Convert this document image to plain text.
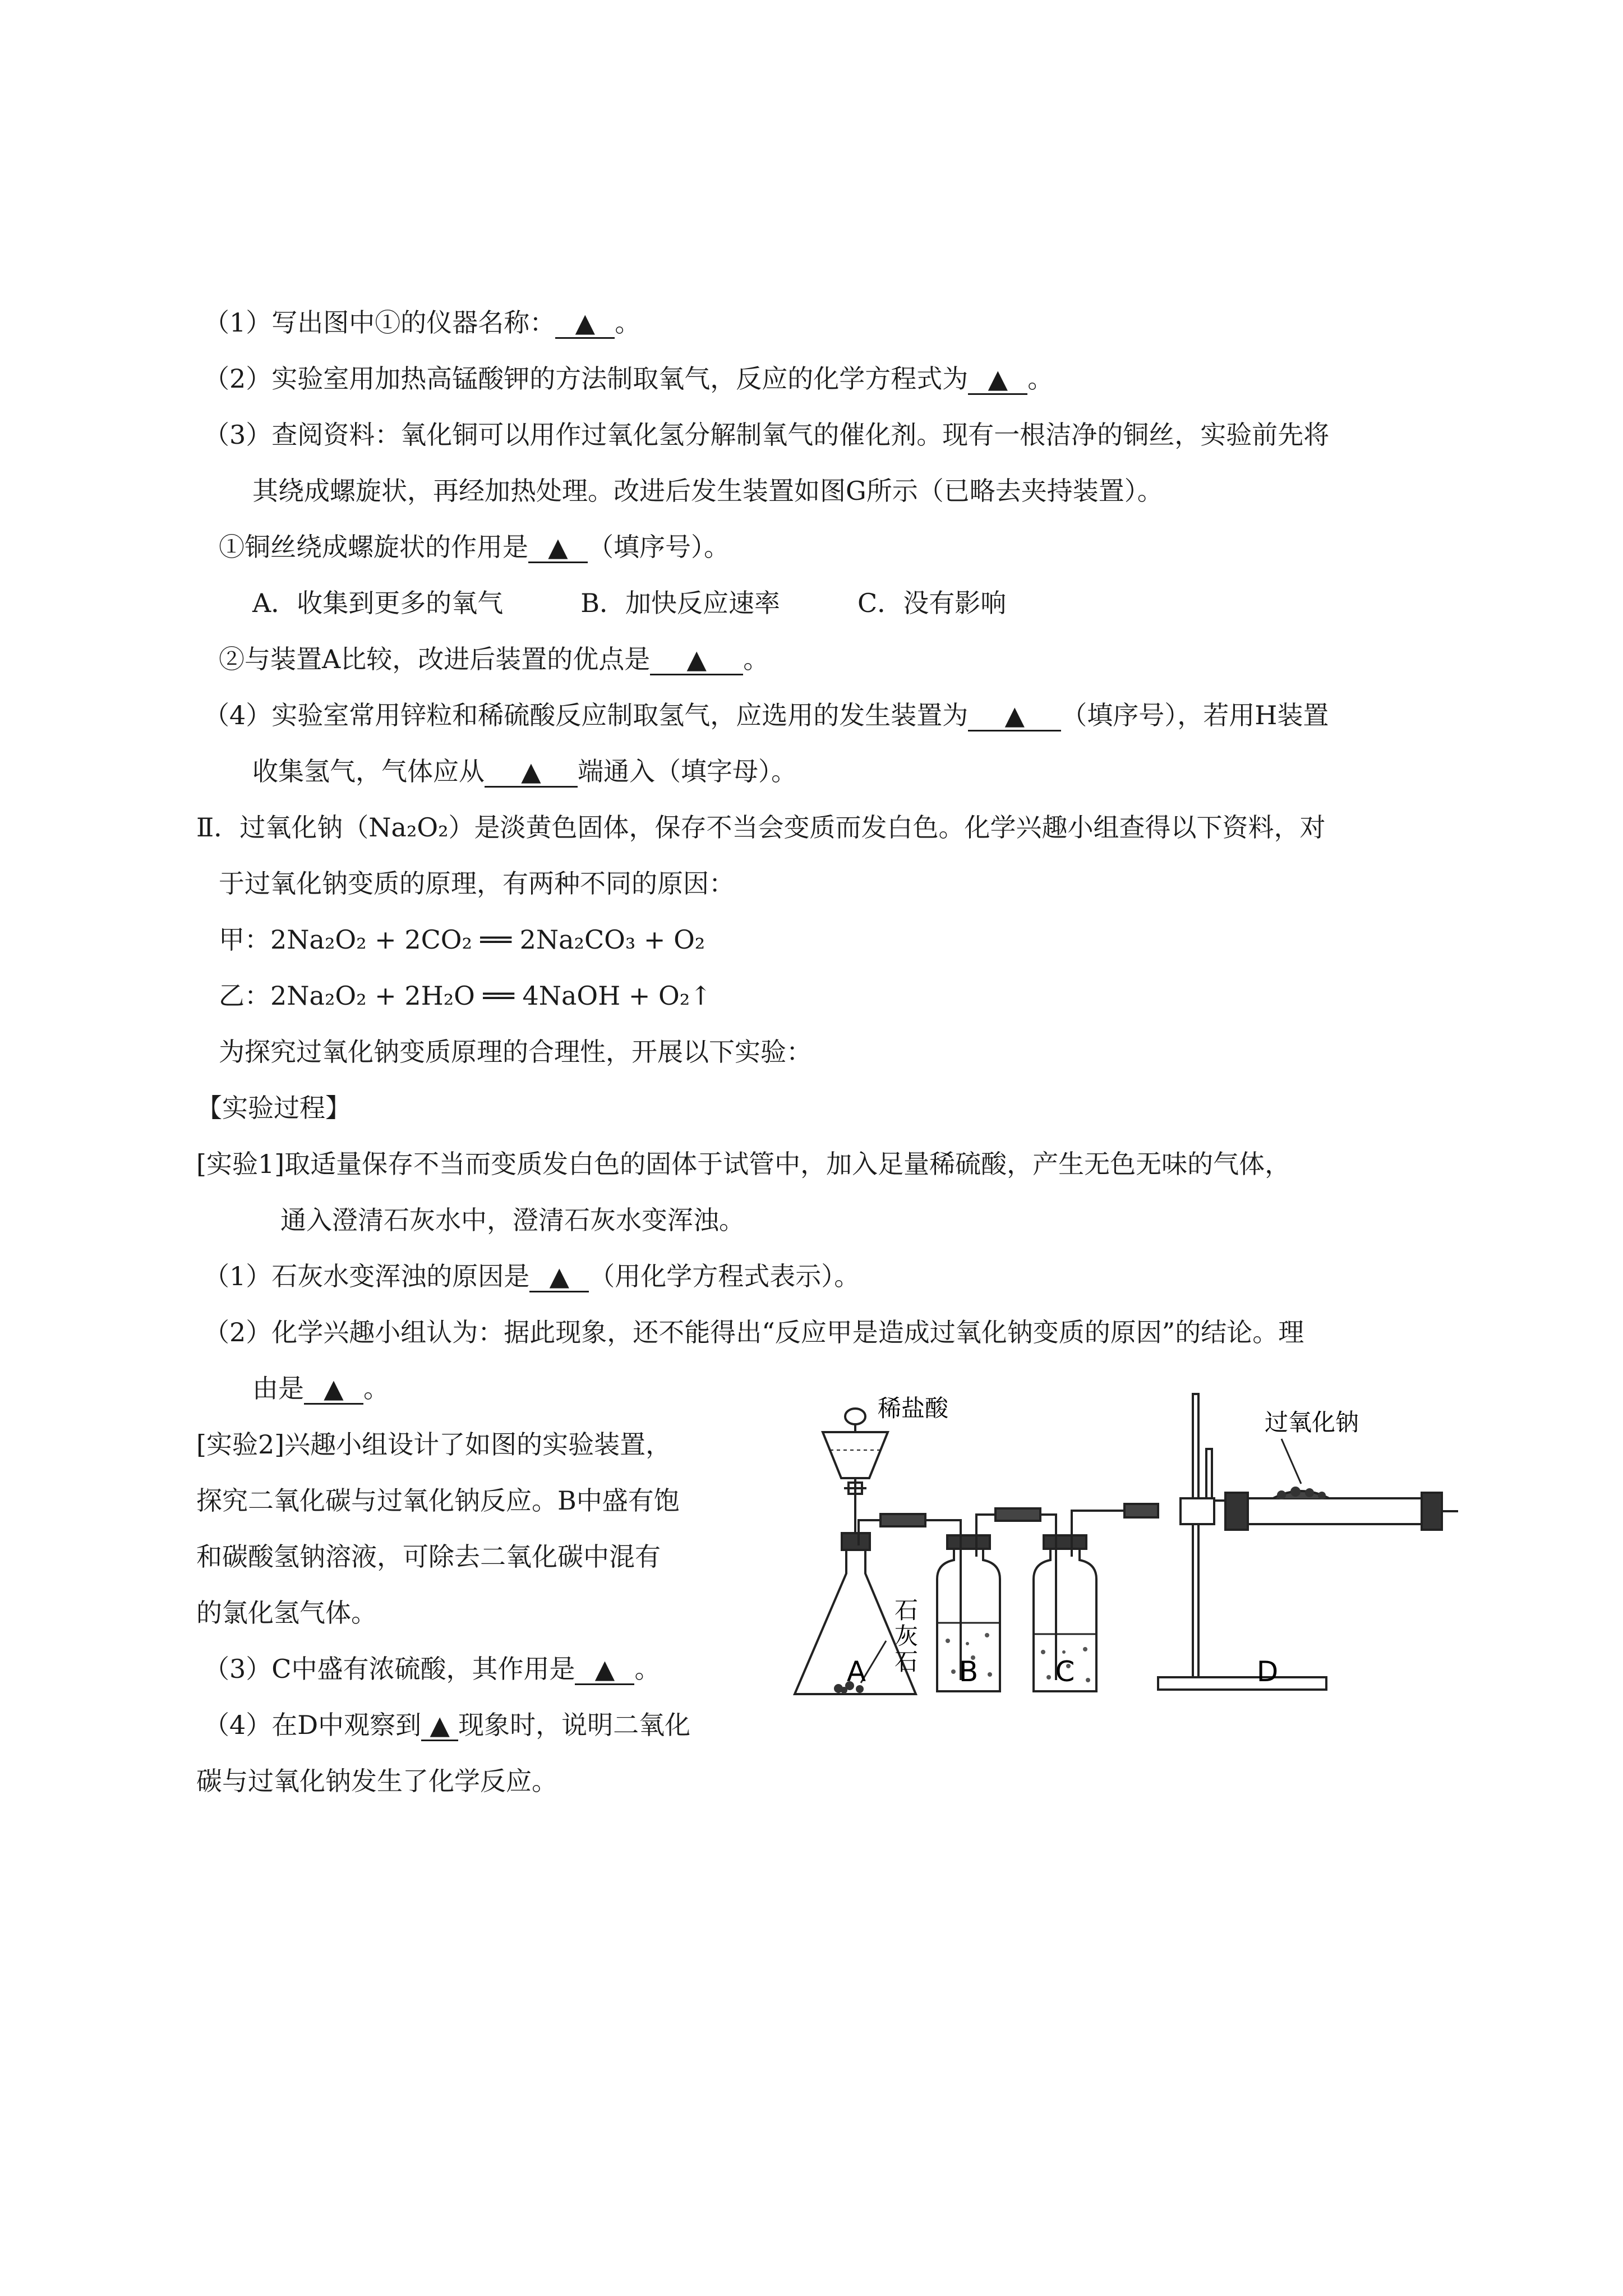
（1）写出图中①的仪器名称： ▲ 。
（2）实验室用加热高锰酸钾的方法制取氧气，反应的化学方程式为 ▲ 。
（3）查阅资料：氧化铜可以用作过氧化氢分解制氧气的催化剂。现有一根洁净的铜丝，实验前先将
其绕成螺旋状，再经加热处理。改进后发生装置如图G所示（已略去夹持装置）。
①铜丝绕成螺旋状的作用是 ▲ （填序号）。
A．收集到更多的氧气　　　B．加快反应速率　　　C．没有影响
②与装置A比较，改进后装置的优点是 ▲ 。
（4）实验室常用锌粒和稀硫酸反应制取氢气，应选用的发生装置为 ▲ （填序号），若用H装置
收集氢气，气体应从 ▲ 端通入（填字母）。
Ⅱ．过氧化钠（Na₂O₂）是淡黄色固体，保存不当会变质而发白色。化学兴趣小组查得以下资料，对
于过氧化钠变质的原理，有两种不同的原因：
甲：2Na₂O₂ + 2CO₂ ══ 2Na₂CO₃ + O₂
乙：2Na₂O₂ + 2H₂O ══ 4NaOH + O₂↑
为探究过氧化钠变质原理的合理性，开展以下实验：
【实验过程】
[实验1]取适量保存不当而变质发白色的固体于试管中，加入足量稀硫酸，产生无色无味的气体，
通入澄清石灰水中，澄清石灰水变浑浊。
（1）石灰水变浑浊的原因是 ▲ （用化学方程式表示）。
（2）化学兴趣小组认为：据此现象，还不能得出“反应甲是造成过氧化钠变质的原因”的结论。理
由是 ▲ 。
[实验2]兴趣小组设计了如图的实验装置，
探究二氧化碳与过氧化钠反应。B中盛有饱
和碳酸氢钠溶液，可除去二氧化碳中混有
的氯化氢气体。
（3）C中盛有浓硫酸，其作用是 ▲ 。
（4）在D中观察到 ▲ 现象时，说明二氧化
碳与过氧化钠发生了化学反应。
稀盐酸
石灰石
过氧化钠
A	B	C	D
